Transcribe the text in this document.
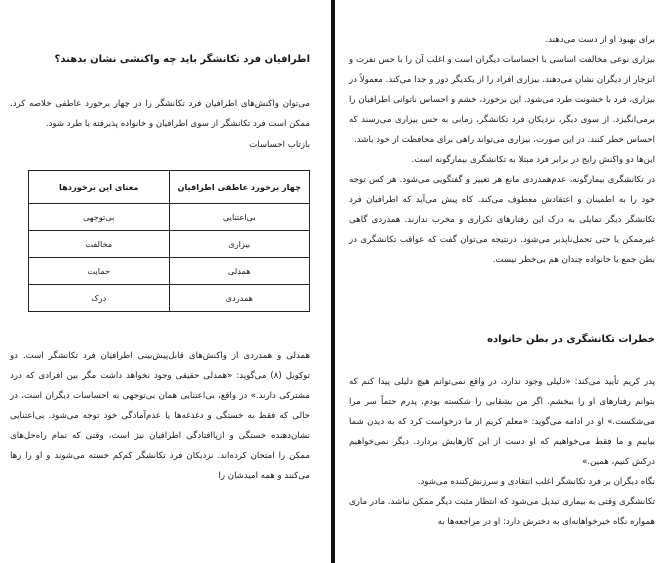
برای بهبود او از دست می‌دهند.

بیزاری نوعی مخالفت اساسی با احساسات دیگران است و اغلب آن را با حس نفرت و انزجار از دیگران نشان می‌دهند. بیزاری افراد را از یکدیگر دور و جدا می‌کند. معمولاً در بیزاری، فرد با خشونت طرد می‌شود. این برخورد، خشم و احساس ناتوانی اطرافیان را برمی‌انگیزد. از سوی دیگر، نزدیکان فرد تکانشگر، زمانی به حس بیزاری می‌رسند که احساس خطر کنند. در این صورت، بیزاری می‌تواند راهی برای محافظت از خود باشد.

این‌ها دو واکنش رایج در برابر فرد مبتلا به تکانشگری بیمارگونه است.

در تکانشگری بیمارگونه، عدم‌همدردی مانع هر تغییر و گفتگویی می‌شود. هر کس توجه خود را به اطمینان و اعتقادش معطوف می‌کند. کاه پیش می‌آید که اطرافیان فرد تکانشگر دیگر تمایلی به درک این رفتارهای تکراری و مخرب ندارند. همدردی گاهی غیرممکن یا حتی تحمل‌ناپذیر می‌شود. درنتیجه می‌توان گفت که عواقب تکانشگری در بطن جمع یا خانواده چندان هم بی‌خطر نیست.

خطرات تکانشگری در بطن خانواده

پدر کریم تأیید می‌کند: «دلیلی وجود ندارد، در واقع نمی‌توانم هیچ دلیلی پیدا کنم که بتوانم رفتارهای او را ببخشم. اگر من بشقابی را شکسته بودم، پدرم حتماً سر مرا می‌شکست.» او در ادامه می‌گوید: «معلم کریم از ما درخواست کرد که به دیدن شما بیاییم و ما فقط می‌خواهیم که او دست از این کارهایش بردارد. دیگر نمی‌خواهیم درکش کنیم، همین.»

نگاه دیگران بر فرد تکانشگر اغلب انتقادی و سرزنش‌کننده می‌شود.

تکانشگری وقتی به بیماری تبدیل می‌شود که انتظار مثبت دیگر ممکن نباشد. مادر ماری همواره نگاه خیرخواهانه‌ای به دخترش دارد: او در مراجعه‌ها به

اطرافیان فرد تکانشگر باید چه واکنشی نشان بدهند؟

می‌توان واکنش‌های اطرافیان فرد تکانشگر را در چهار برخورد عاطفی خلاصه کرد. ممکن است فرد تکانشگر از سوی اطرافیان و خانواده پذیرفته یا طرد شود.

بازتاب احساسات

چهار برخورد عاطفی اطرافیان	معنای این برخوردها
بی‌اعتنایی	بی‌توجهی
بیزاری	مخالفت
همدلی	حمایت
همدردی	درک

همدلی و همدردی از واکنش‌های قابل‌پیش‌بینی اطرافیان فرد تکانشگر است. دو توکویل (۸) می‌گوید: «همدلی حقیقی وجود نخواهد داشت مگر بین افرادی که درد مشترکی دارند.» در واقع، بی‌اعتنایی همان بی‌توجهی به احساسات دیگران است، در حالی که فقط به خستگی و دغدغه‌ها یا عدم‌آمادگی خود توجه می‌شود. بی‌اعتنایی نشان‌دهنده خستگی و ازپاافتادگی اطرافیان نیز است، وقتی که تمام راه‌حل‌های ممکن را امتحان کرده‌اند. نزدیکان فرد تکانشگر کم‌کم خسته می‌شوند و او را رها می‌کنند و همه امیدشان را
